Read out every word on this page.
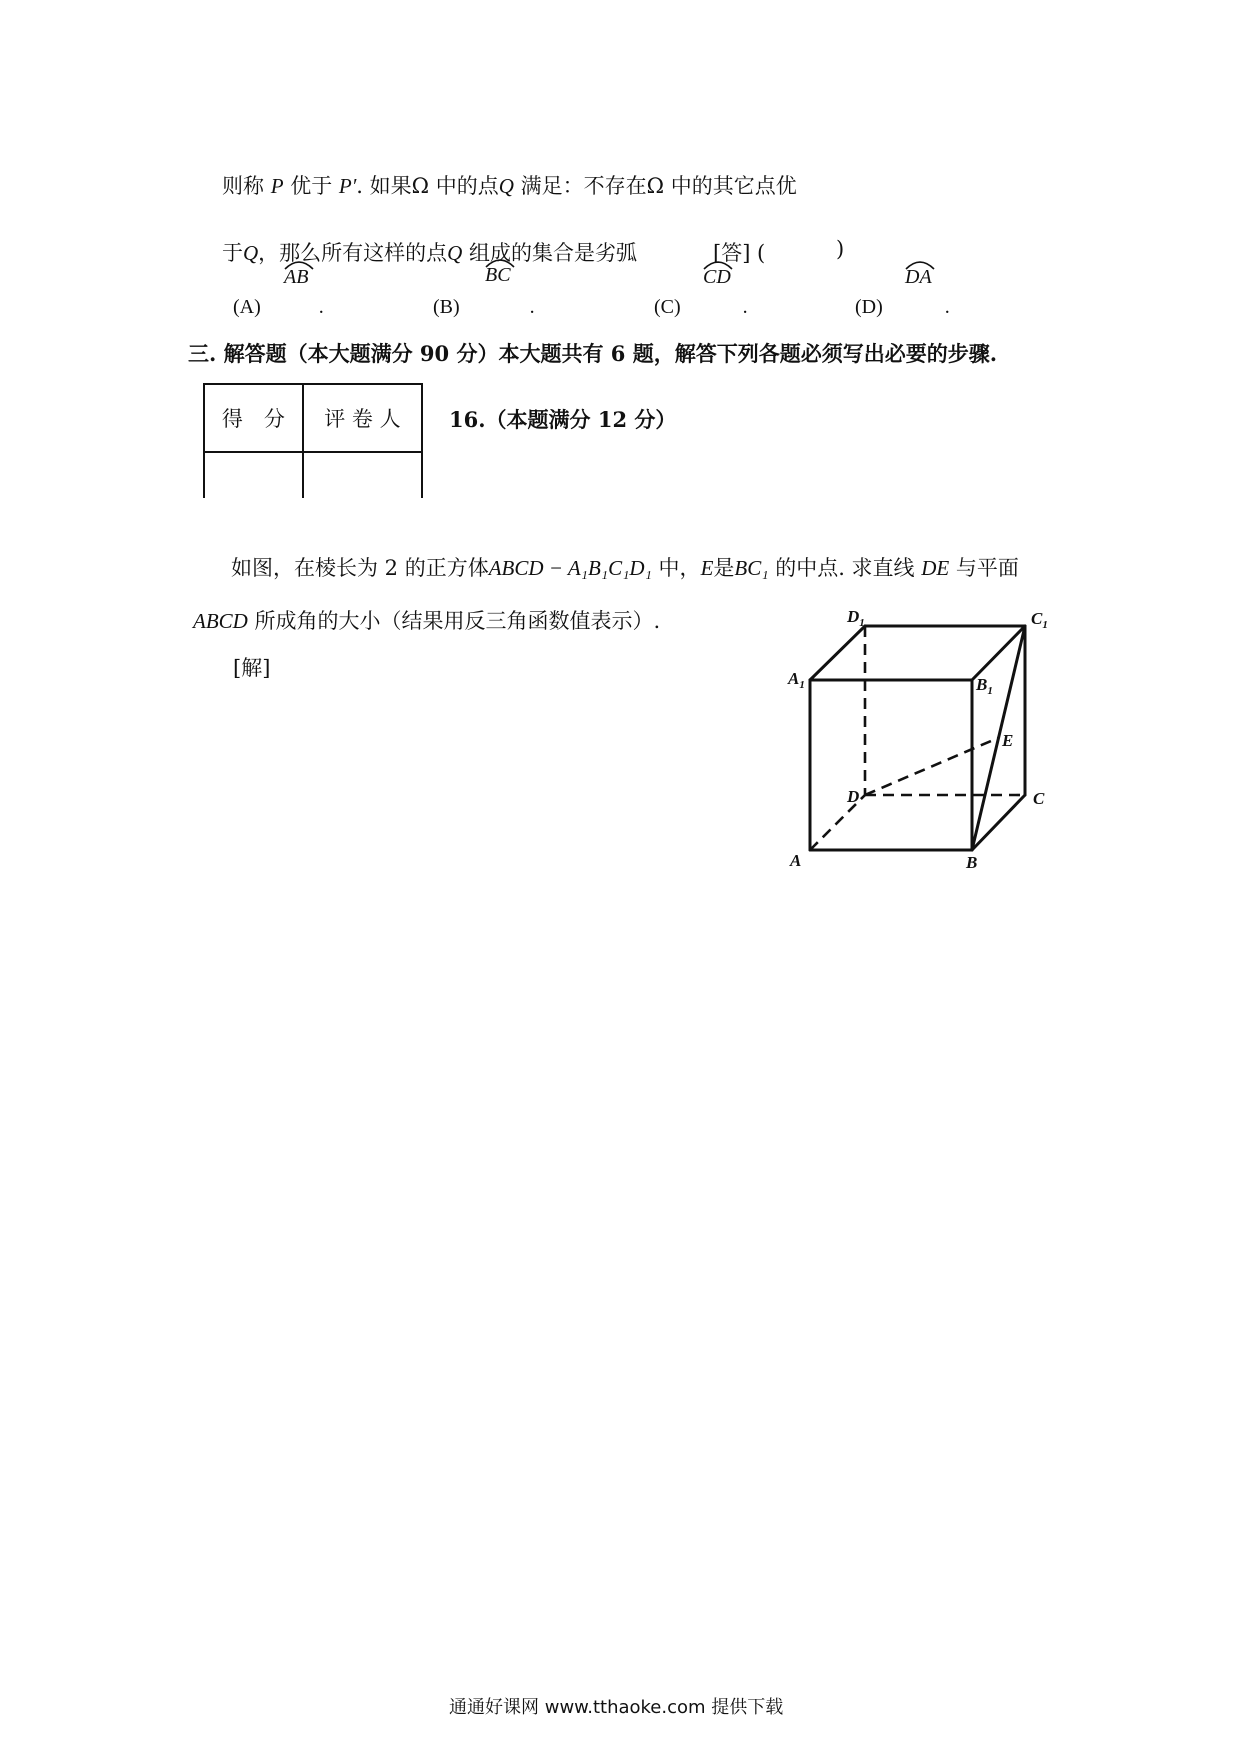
则称 P 优于 P′. 如果Ω 中的点Q 满足：不存在Ω 中的其它点优
于Q，那么所有这样的点Q 组成的集合是劣弧	[答] (	)
AB	BC	CD	DA
(A)	.	(B)	.	(C)	.	(D)	.
三. 解答题（本大题满分 90 分）本大题共有 6 题，解答下列各题必须写出必要的步骤.
得　分	评 卷 人
	16.（本题满分 12 分）
如图，在棱长为 2 的正方体ABCD − A₁B₁C₁D₁ 中，E是BC₁ 的中点. 求直线 DE 与平面
ABCD 所成角的大小（结果用反三角函数值表示）.
[解]
A	B
C
D
E
$A_1$	$B_1$
$C_1$
$D_1$
通通好课网 www.tthaoke.com 提供下载
